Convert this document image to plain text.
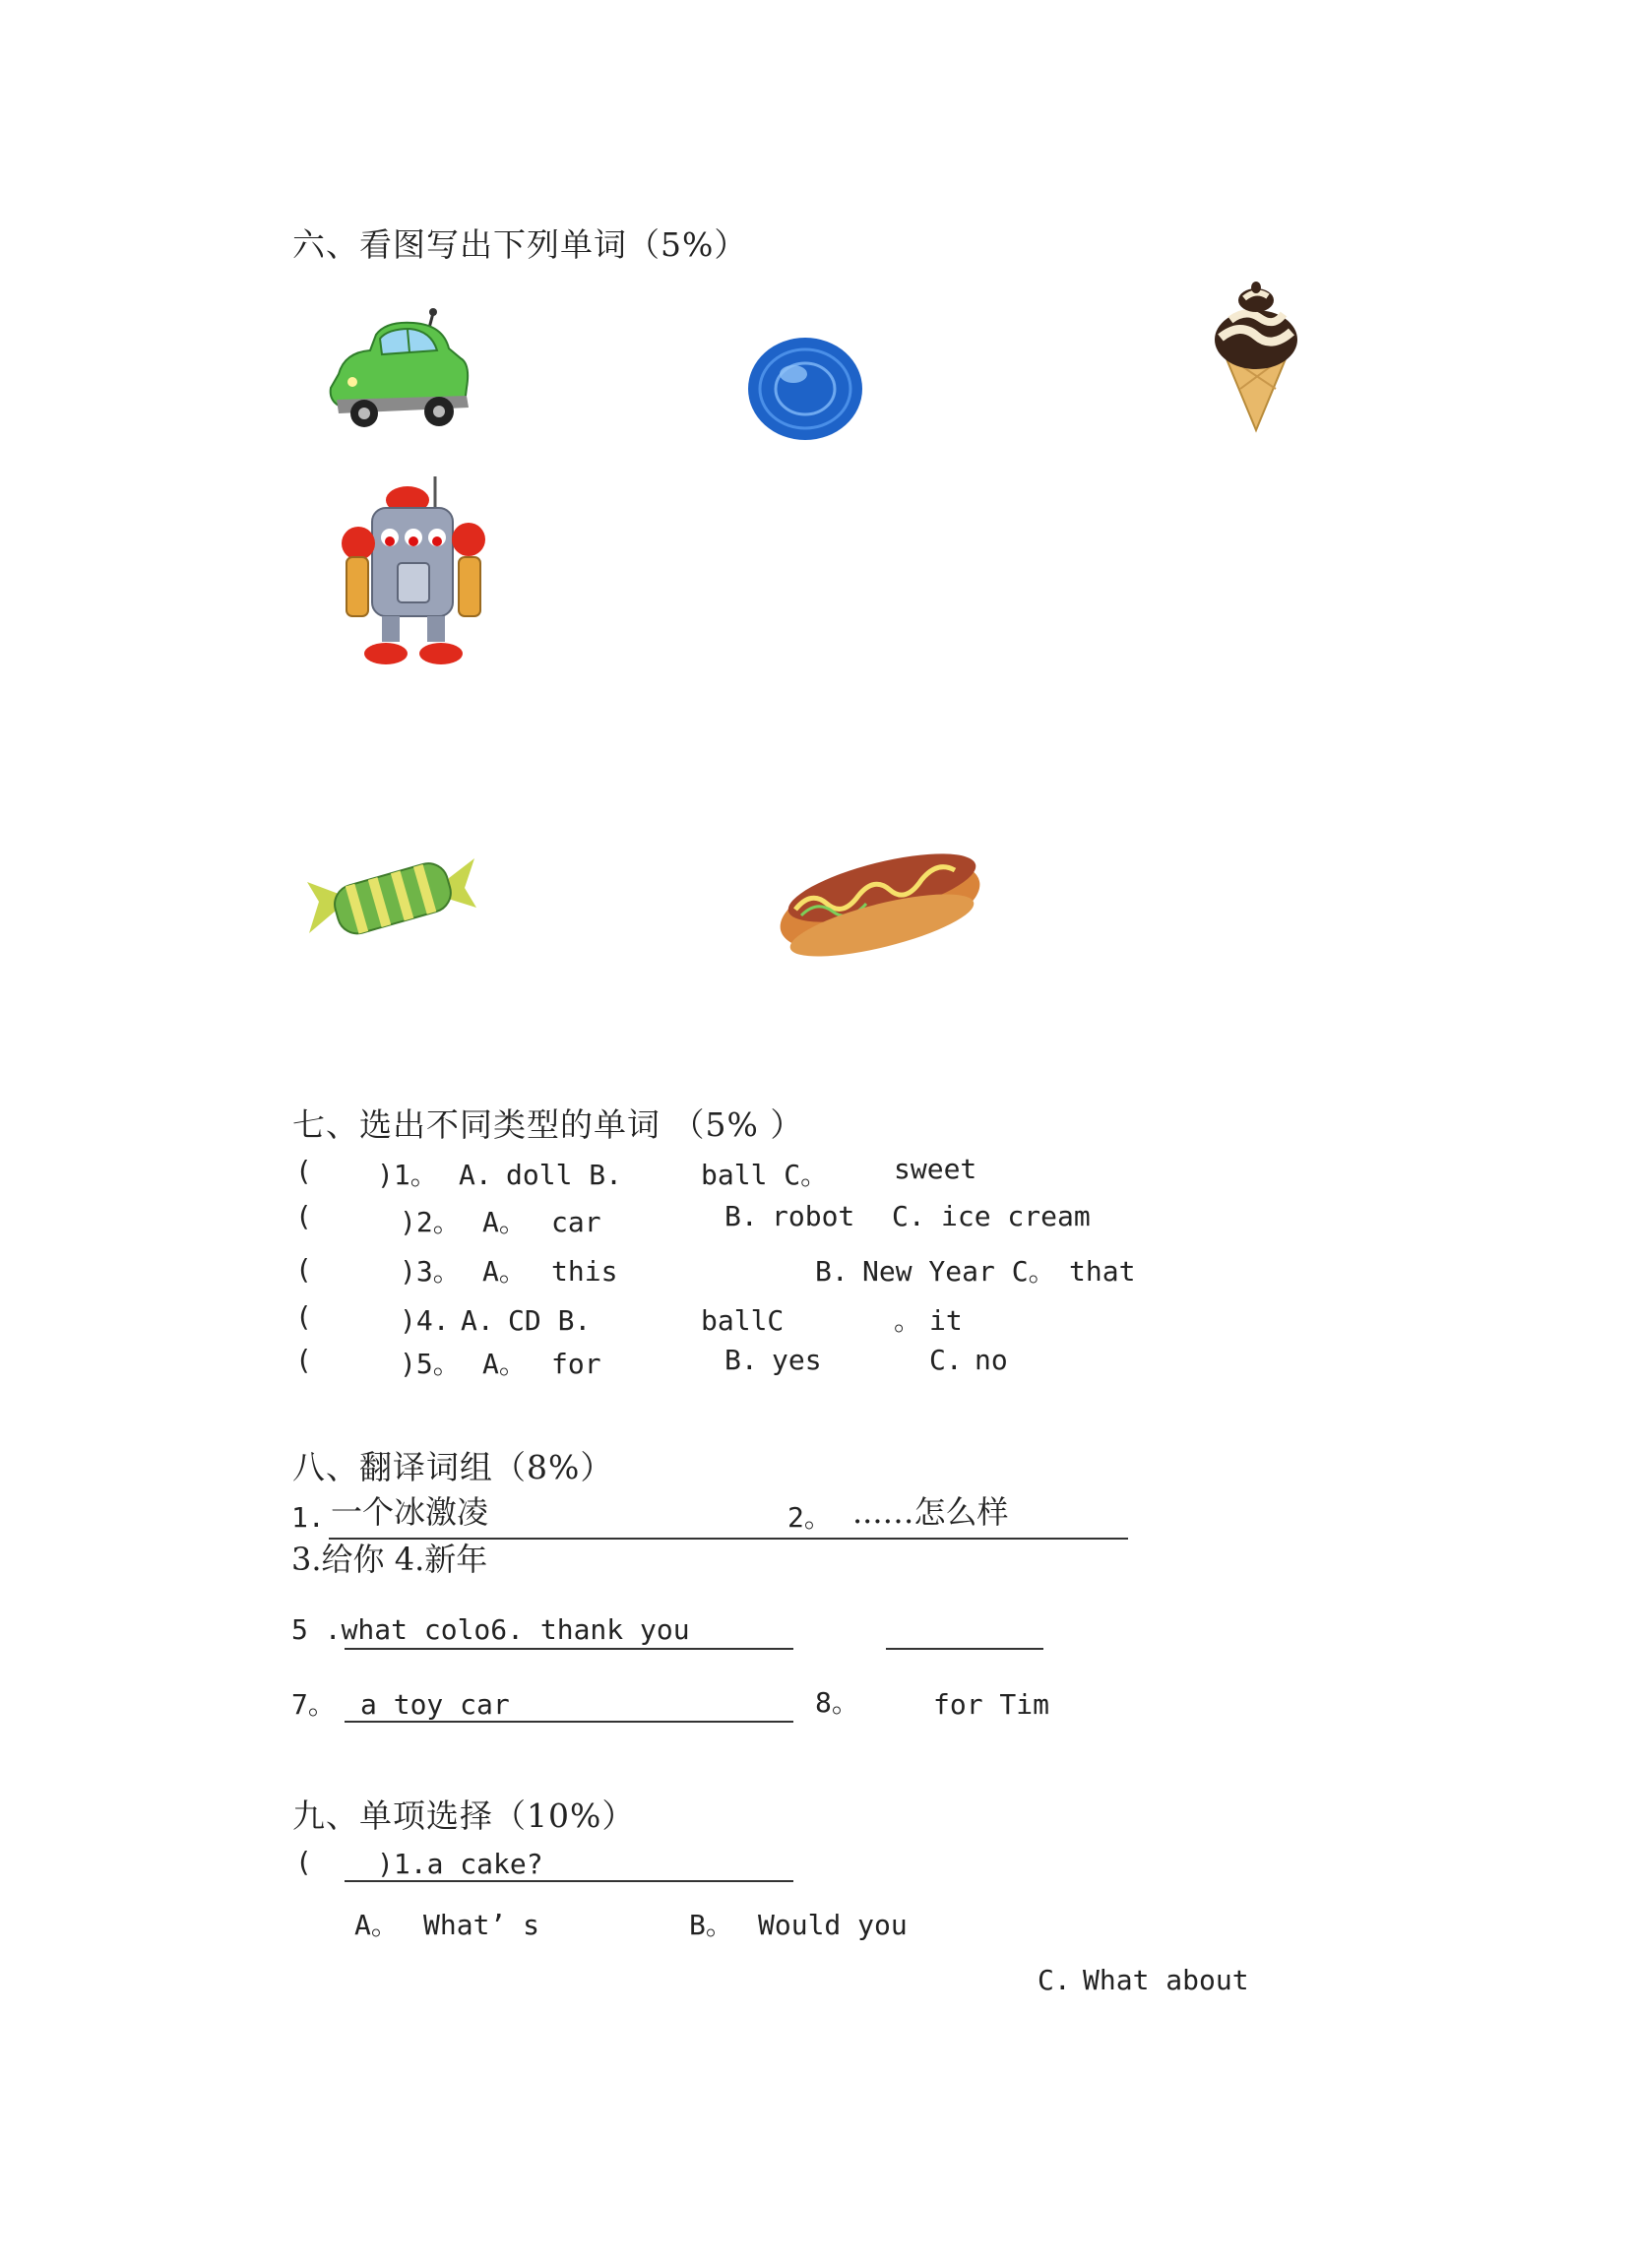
六、看图写出下列单词（5%）
七、选出不同类型的单词 （5% ）
( )1。 A. doll B.	ball C。 sweet
(	)2。 A。 car	B. robot C. ice cream
(	)3。 A。 this	B. New Year C。 that
(	)4. A. CD B.	ballC	。 it
(	)5。 A。 for	B. yes	C. no
八、翻译词组（8%）
1. 一个冰激凌	2。 ...…怎么样
3.给你 4.新年
5 .what colo6. thank you
7。 a toy car	8。	for Tim
九、单项选择（10%）
( )1.a cake?
A。 What’ s	B。 Would you
C. What about
